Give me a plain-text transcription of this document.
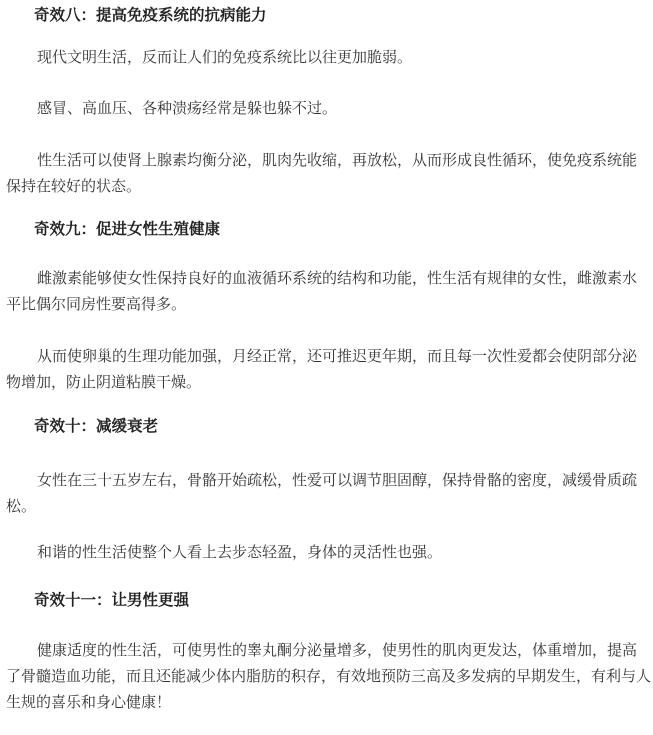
奇效八：提高免疫系统的抗病能力

现代文明生活，反而让人们的免疫系统比以往更加脆弱。

感冒、高血压、各种溃疡经常是躲也躲不过。

性生活可以使肾上腺素均衡分泌，肌肉先收缩，再放松，从而形成良性循环，使免疫系统能保持在较好的状态。

奇效九：促进女性生殖健康

雌激素能够使女性保持良好的血液循环系统的结构和功能，性生活有规律的女性，雌激素水平比偶尔同房性要高得多。

从而使卵巢的生理功能加强，月经正常，还可推迟更年期，而且每一次性爱都会使阴部分泌物增加，防止阴道粘膜干燥。

奇效十：减缓衰老

女性在三十五岁左右，骨骼开始疏松，性爱可以调节胆固醇，保持骨骼的密度，减缓骨质疏松。

和谐的性生活使整个人看上去步态轻盈，身体的灵活性也强。

奇效十一：让男性更强

健康适度的性生活，可使男性的睾丸酮分泌量增多，使男性的肌肉更发达，体重增加，提高了骨髓造血功能，而且还能减少体内脂肪的积存，有效地预防三高及多发病的早期发生，有利与人生规的喜乐和身心健康！
